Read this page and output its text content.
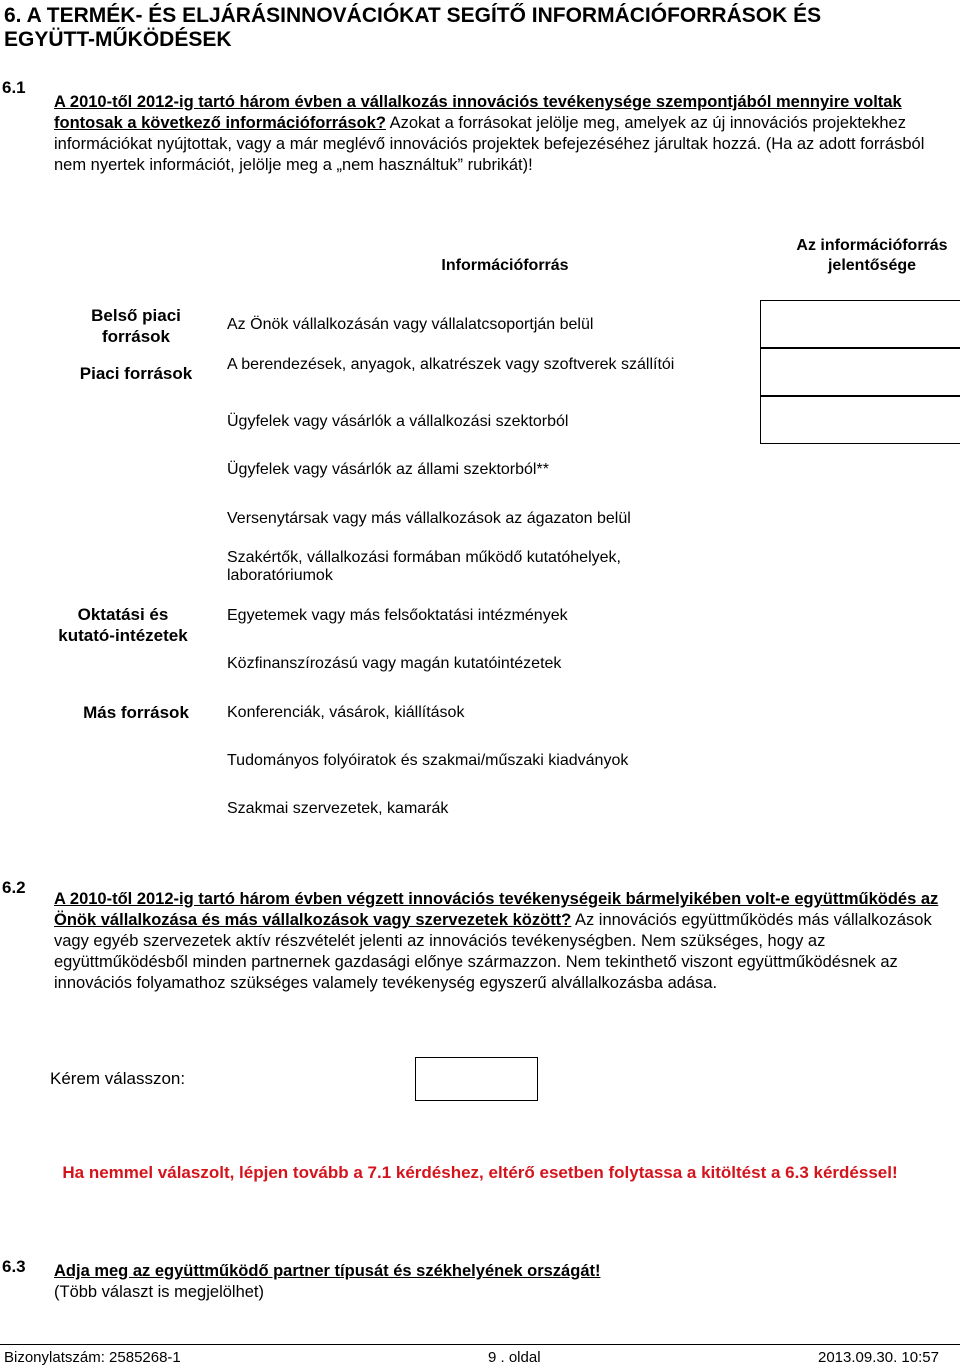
6. A TERMÉK- ÉS ELJÁRÁSINNOVÁCIÓKAT SEGÍTŐ INFORMÁCIÓFORRÁSOK ÉS
EGYÜTT-MŰKÖDÉSEK
6.1
A 2010-től 2012-ig tartó három évben a vállalkozás innovációs tevékenysége szempontjából mennyire voltak fontosak a következő információforrások? Azokat a forrásokat jelölje meg, amelyek az új innovációs projektekhez információkat nyújtottak, vagy a már meglévő innovációs projektek befejezéséhez járultak hozzá. (Ha az adott forrásból nem nyertek információt, jelölje meg a „nem használtuk” rubrikát)!
Információforrás
Az információforrás jelentősége
Belső piaci források
Piaci források
Oktatási és kutató-intézetek
Más források
Az Önök vállalkozásán vagy vállalatcsoportján belül
A berendezések, anyagok, alkatrészek vagy szoftverek szállítói
Ügyfelek vagy vásárlók a vállalkozási szektorból
Ügyfelek vagy vásárlók az állami szektorból**
Versenytársak vagy más vállalkozások az ágazaton belül
Szakértők, vállalkozási formában működő kutatóhelyek, laboratóriumok
Egyetemek vagy más felsőoktatási intézmények
Közfinanszírozású vagy magán kutatóintézetek
Konferenciák, vásárok, kiállítások
Tudományos folyóiratok és szakmai/műszaki kiadványok
Szakmai szervezetek, kamarák
6.2
A 2010-től 2012-ig tartó három évben végzett innovációs tevékenységeik bármelyikében volt-e együttműködés az Önök vállalkozása és más vállalkozások vagy szervezetek között? Az innovációs együttműködés más vállalkozások vagy egyéb szervezetek aktív részvételét jelenti az innovációs tevékenységben. Nem szükséges, hogy az együttműködésből minden partnernek gazdasági előnye származzon. Nem tekinthető viszont együttműködésnek az innovációs folyamathoz szükséges valamely tevékenység egyszerű alvállalkozásba adása.
Kérem válasszon:
Ha nemmel válaszolt, lépjen tovább a 7.1 kérdéshez, eltérő esetben folytassa a kitöltést a 6.3 kérdéssel!
6.3 Adja meg az együttműködő partner típusát és székhelyének országát!
(Több választ is megjelölhet)
Bizonylatszám: 2585268-1	9 . oldal	2013.09.30. 10:57
